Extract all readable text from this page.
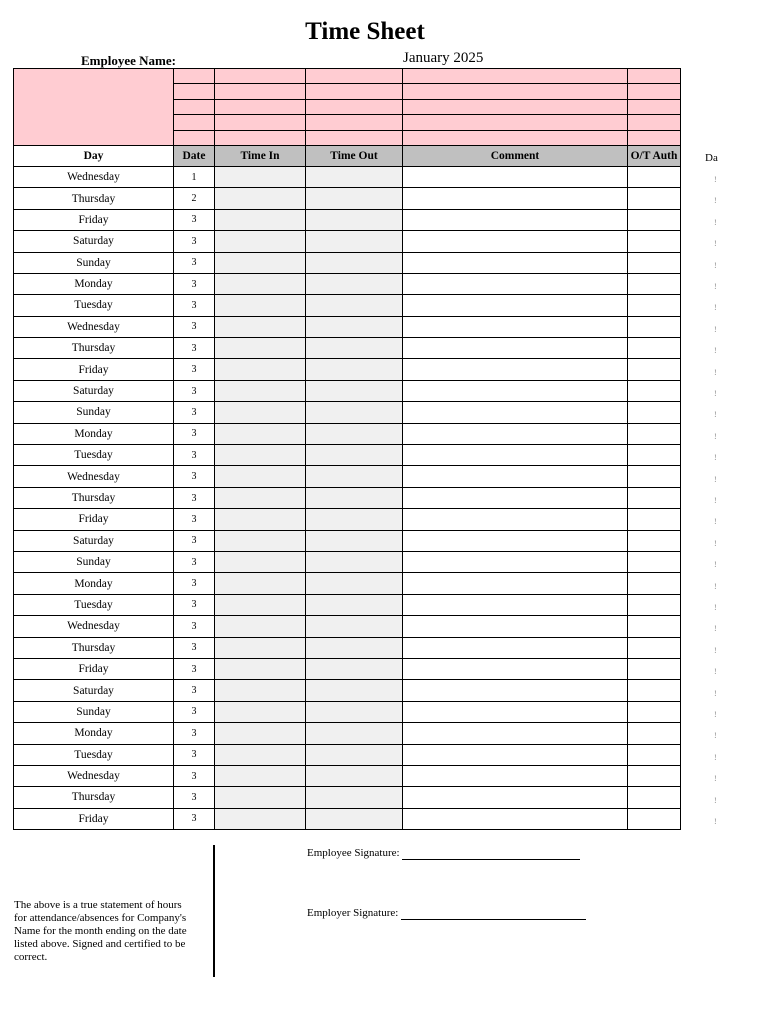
Time Sheet
Employee Name:	January 2025

Day	Date	Time In	Time Out	Comment	O/T Auth
Wednesday	1				
Thursday	2				
Friday	3				
Saturday	3				
Sunday	3				
Monday	3				
Tuesday	3				
Wednesday	3				
Thursday	3				
Friday	3				
Saturday	3				
Sunday	3				
Monday	3				
Tuesday	3				
Wednesday	3				
Thursday	3				
Friday	3				
Saturday	3				
Sunday	3				
Monday	3				
Tuesday	3				
Wednesday	3				
Thursday	3				
Friday	3				
Saturday	3				
Sunday	3				
Monday	3				
Tuesday	3				
Wednesday	3				
Thursday	3				
Friday	3				
Da
!
!
!
!
!
!
!
!
!
!
!
!
!
!
!
!
!
!
!
!
!
!
!
!
!
!
!
!
!
!
!
The above is a true statement of hours for attendance/absences for Company's Name for the month ending on the date listed above. Signed and certified to be correct.
Employee Signature:
Employer Signature:
